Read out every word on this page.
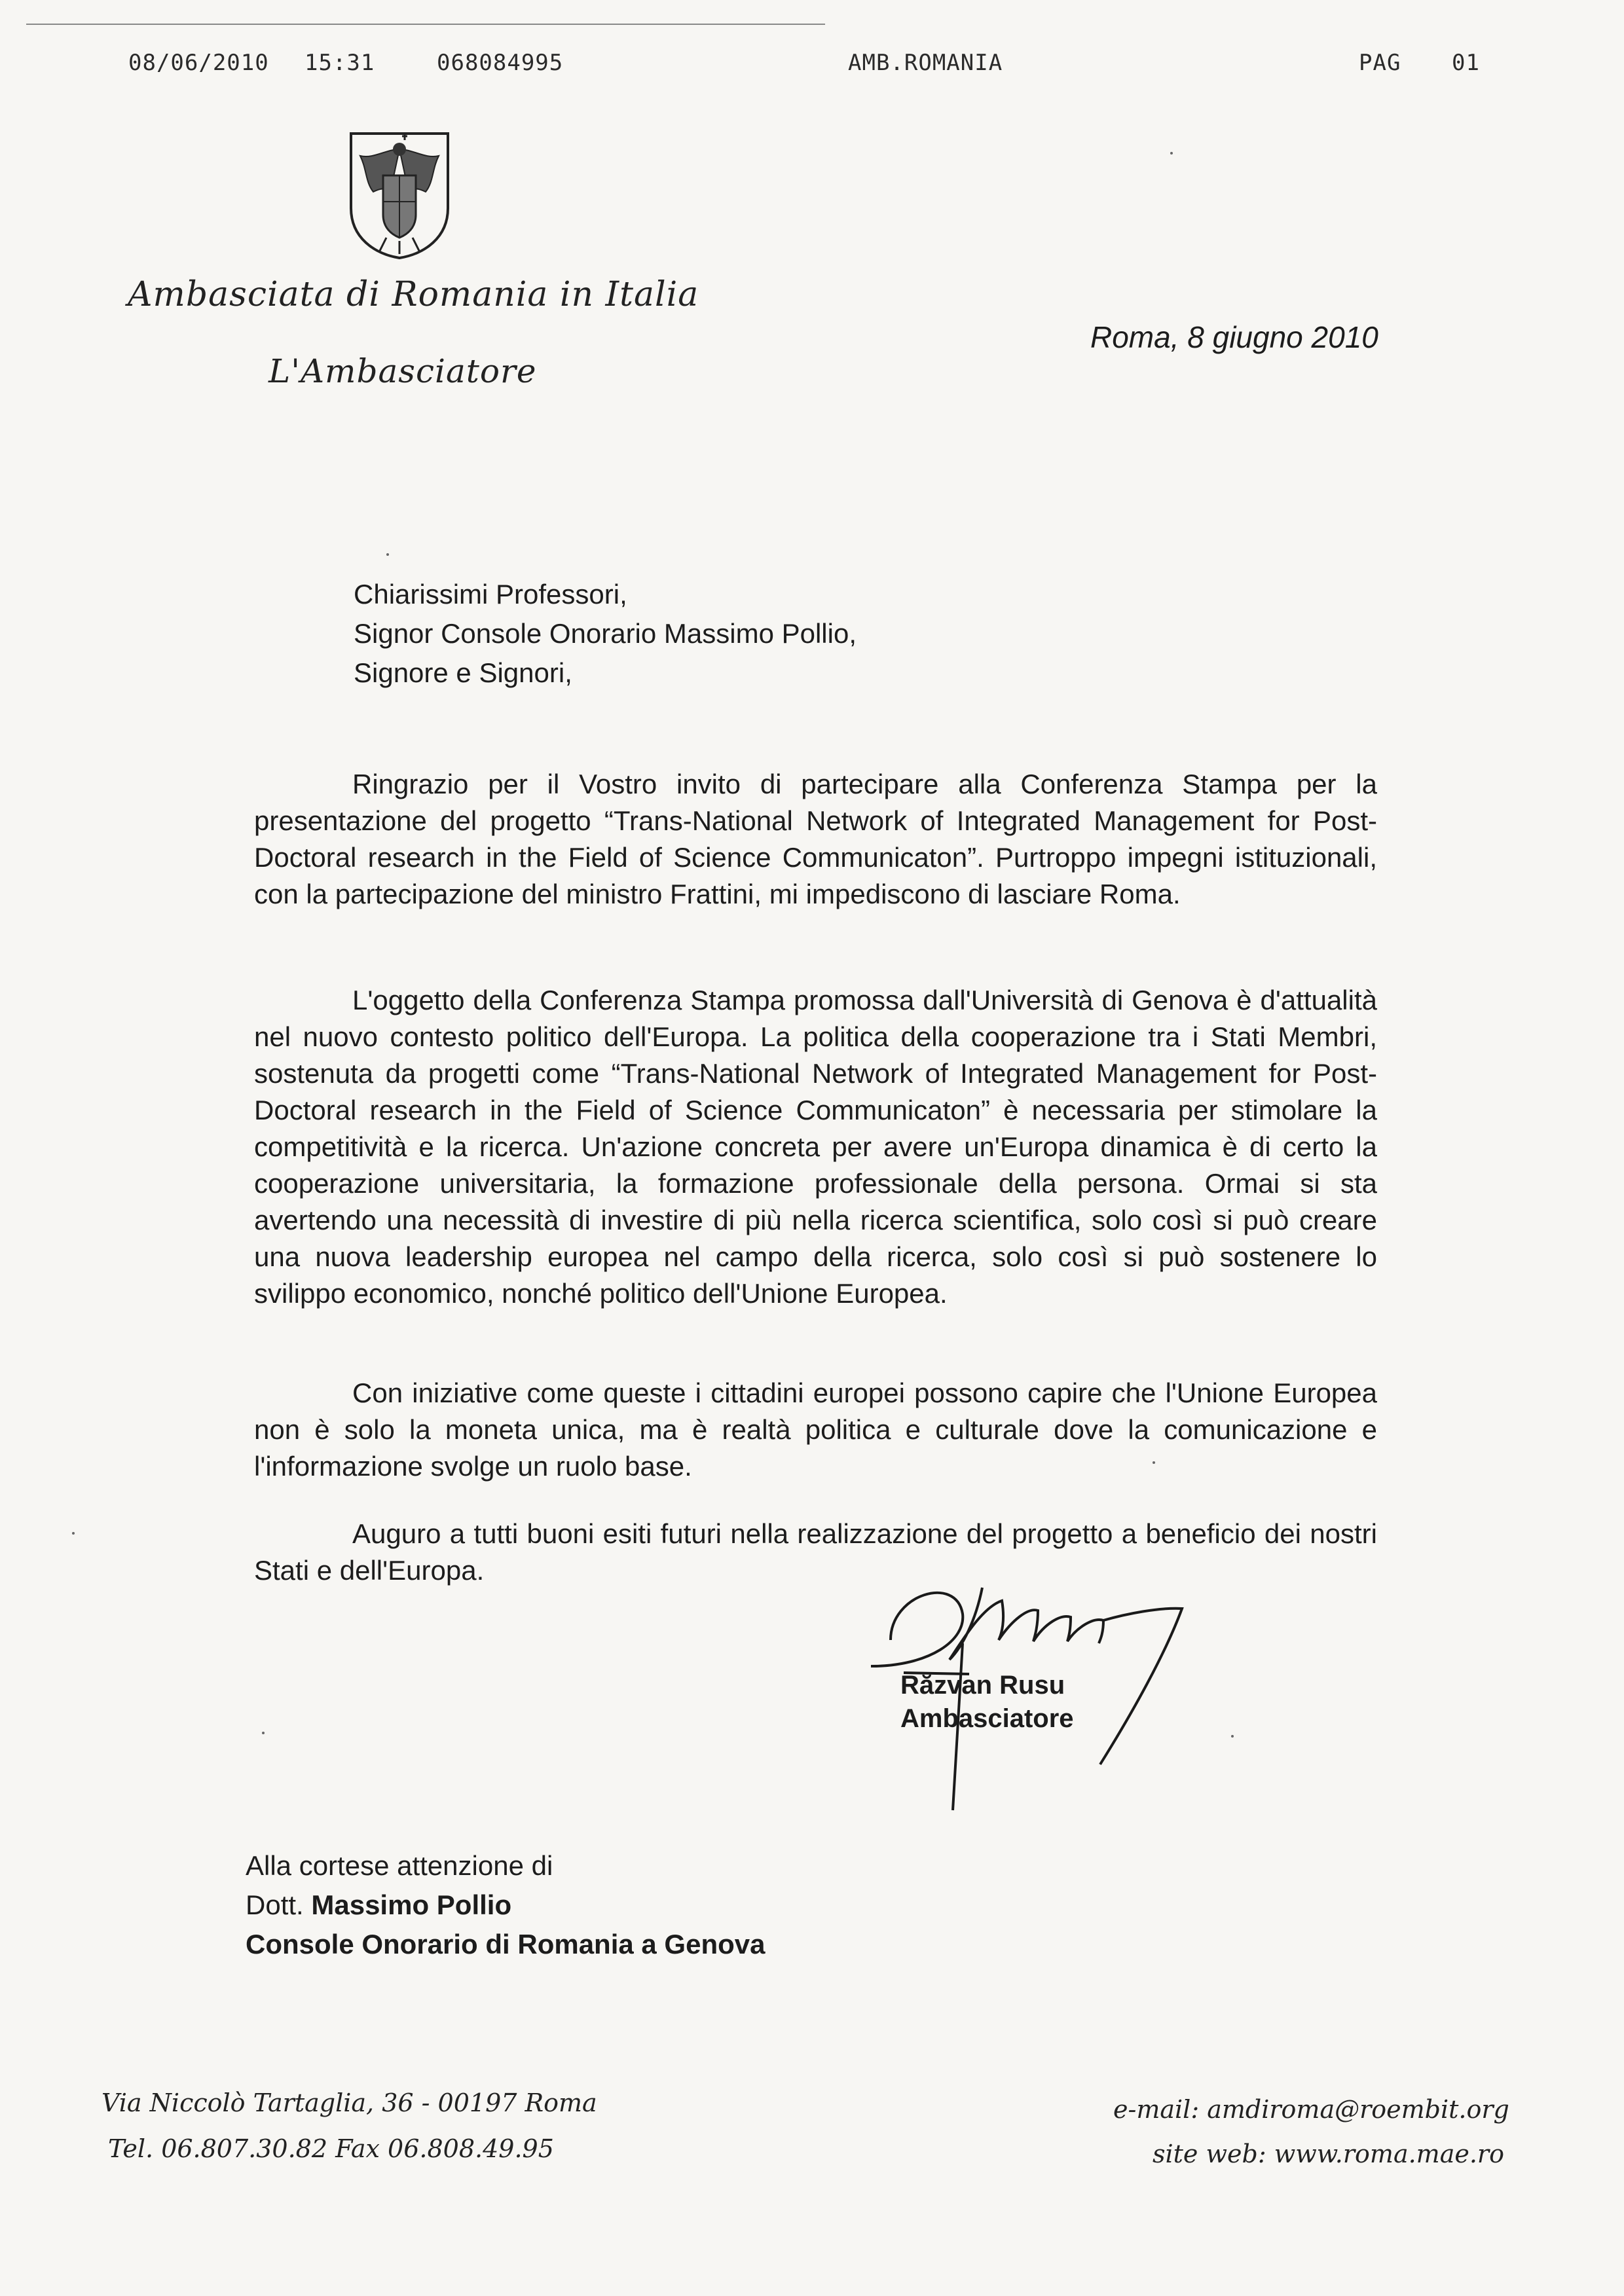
08/06/2010 15:31	068084995	AMB.ROMANIA	PAG 01
Ambasciata di Romania in Italia
L'Ambasciatore
Roma, 8 giugno 2010
Chiarissimi Professori,
Signor Console Onorario Massimo Pollio,
Signore e Signori,

Ringrazio per il Vostro invito di partecipare alla Conferenza Stampa per la presentazione del progetto “Trans-National Network of Integrated Management for Post-Doctoral research in the Field of Science Communicaton”. Purtroppo impegni istituzionali, con la partecipazione del ministro Frattini, mi impediscono di lasciare Roma.

L'oggetto della Conferenza Stampa promossa dall'Università di Genova è d'attualità nel nuovo contesto politico dell'Europa. La politica della cooperazione tra i Stati Membri, sostenuta da progetti come “Trans-National Network of Integrated Management for Post-Doctoral research in the Field of Science Communicaton” è necessaria per stimolare la competitività e la ricerca. Un'azione concreta per avere un'Europa dinamica è di certo la cooperazione universitaria, la formazione professionale della persona. Ormai si sta avertendo una necessità di investire di più nella ricerca scientifica, solo così si può creare una nuova leadership europea nel campo della ricerca, solo così si può sostenere lo svilippo economico, nonché politico dell'Unione Europea.

Con iniziative come queste i cittadini europei possono capire che l'Unione Europea non è solo la moneta unica, ma è realtà politica e culturale dove la comunicazione e l'informazione svolge un ruolo base.

Auguro a tutti buoni esiti futuri nella realizzazione del progetto a beneficio dei nostri Stati e dell'Europa.

Răzvan Rusu
Ambasciatore
Alla cortese attenzione di
Dott. Massimo Pollio
Console Onorario di Romania a Genova
Via Niccolò Tartaglia, 36 - 00197 Roma
Tel. 06.807.30.82 Fax 06.808.49.95
e-mail: amdiroma@roembit.org
site web: www.roma.mae.ro
